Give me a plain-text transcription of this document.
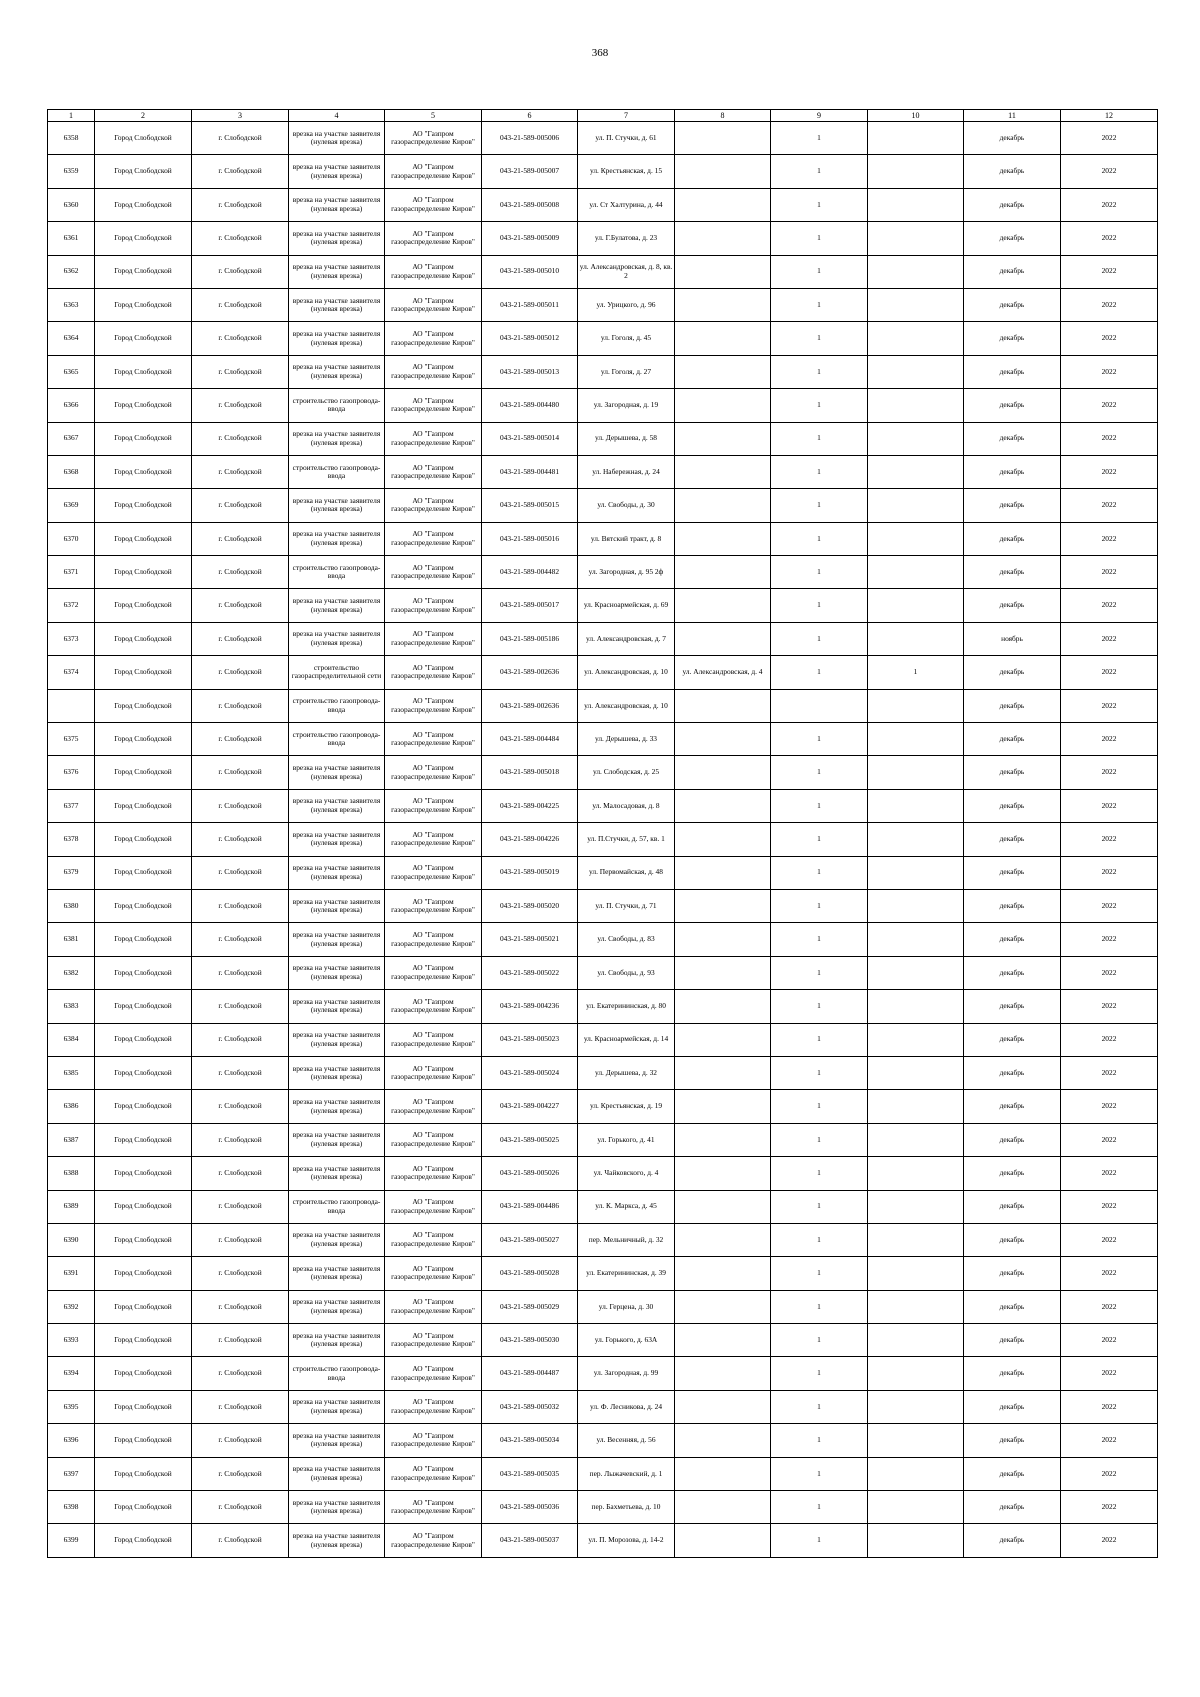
368
1	2	3	4	5	6	7	8	9	10	11	12
6358	Город Слободской	г. Слободской	врезка на участке заявителя (нулевая врезка)	АО "Газпром газораспределение Киров"	043-21-589-005006	ул. П. Стучки, д. 61		1		декабрь	2022
6359	Город Слободской	г. Слободской	врезка на участке заявителя (нулевая врезка)	АО "Газпром газораспределение Киров"	043-21-589-005007	ул. Крестьянская, д. 15		1		декабрь	2022
6360	Город Слободской	г. Слободской	врезка на участке заявителя (нулевая врезка)	АО "Газпром газораспределение Киров"	043-21-589-005008	ул. Ст Халтурина, д. 44		1		декабрь	2022
6361	Город Слободской	г. Слободской	врезка на участке заявителя (нулевая врезка)	АО "Газпром газораспределение Киров"	043-21-589-005009	ул. Г.Булатова, д. 23		1		декабрь	2022
6362	Город Слободской	г. Слободской	врезка на участке заявителя (нулевая врезка)	АО "Газпром газораспределение Киров"	043-21-589-005010	ул. Александровская, д. 8, кв. 2		1		декабрь	2022
6363	Город Слободской	г. Слободской	врезка на участке заявителя (нулевая врезка)	АО "Газпром газораспределение Киров"	043-21-589-005011	ул. Урицкого, д. 96		1		декабрь	2022
6364	Город Слободской	г. Слободской	врезка на участке заявителя (нулевая врезка)	АО "Газпром газораспределение Киров"	043-21-589-005012	ул. Гоголя, д. 45		1		декабрь	2022
6365	Город Слободской	г. Слободской	врезка на участке заявителя (нулевая врезка)	АО "Газпром газораспределение Киров"	043-21-589-005013	ул. Гоголя, д. 27		1		декабрь	2022
6366	Город Слободской	г. Слободской	строительство газопровода-ввода	АО "Газпром газораспределение Киров"	043-21-589-004480	ул. Загородная, д. 19		1		декабрь	2022
6367	Город Слободской	г. Слободской	врезка на участке заявителя (нулевая врезка)	АО "Газпром газораспределение Киров"	043-21-589-005014	ул. Дерышева, д. 58		1		декабрь	2022
6368	Город Слободской	г. Слободской	строительство газопровода-ввода	АО "Газпром газораспределение Киров"	043-21-589-004481	ул. Набережная, д. 24		1		декабрь	2022
6369	Город Слободской	г. Слободской	врезка на участке заявителя (нулевая врезка)	АО "Газпром газораспределение Киров"	043-21-589-005015	ул. Свободы, д. 30		1		декабрь	2022
6370	Город Слободской	г. Слободской	врезка на участке заявителя (нулевая врезка)	АО "Газпром газораспределение Киров"	043-21-589-005016	ул. Вятский тракт, д. 8		1		декабрь	2022
6371	Город Слободской	г. Слободской	строительство газопровода-ввода	АО "Газпром газораспределение Киров"	043-21-589-004482	ул. Загородная, д. 95 2ф		1		декабрь	2022
6372	Город Слободской	г. Слободской	врезка на участке заявителя (нулевая врезка)	АО "Газпром газораспределение Киров"	043-21-589-005017	ул. Красноармейская, д. 69		1		декабрь	2022
6373	Город Слободской	г. Слободской	врезка на участке заявителя (нулевая врезка)	АО "Газпром газораспределение Киров"	043-21-589-005186	ул. Александровская, д. 7		1		ноябрь	2022
6374	Город Слободской	г. Слободской	строительство газораспределительной сети	АО "Газпром газораспределение Киров"	043-21-589-002636	ул. Александровская, д. 10	ул. Александровская, д. 4	1	1	декабрь	2022
	Город Слободской	г. Слободской	строительство газопровода-ввода	АО "Газпром газораспределение Киров"	043-21-589-002636	ул. Александровская, д. 10				декабрь	2022
6375	Город Слободской	г. Слободской	строительство газопровода-ввода	АО "Газпром газораспределение Киров"	043-21-589-004484	ул. Дерышева, д. 33		1		декабрь	2022
6376	Город Слободской	г. Слободской	врезка на участке заявителя (нулевая врезка)	АО "Газпром газораспределение Киров"	043-21-589-005018	ул. Слободская, д. 25		1		декабрь	2022
6377	Город Слободской	г. Слободской	врезка на участке заявителя (нулевая врезка)	АО "Газпром газораспределение Киров"	043-21-589-004225	ул. Малосадовая, д. 8		1		декабрь	2022
6378	Город Слободской	г. Слободской	врезка на участке заявителя (нулевая врезка)	АО "Газпром газораспределение Киров"	043-21-589-004226	ул. П.Стучки, д. 57, кв. 1		1		декабрь	2022
6379	Город Слободской	г. Слободской	врезка на участке заявителя (нулевая врезка)	АО "Газпром газораспределение Киров"	043-21-589-005019	ул. Первомайская, д. 48		1		декабрь	2022
6380	Город Слободской	г. Слободской	врезка на участке заявителя (нулевая врезка)	АО "Газпром газораспределение Киров"	043-21-589-005020	ул. П. Стучки, д. 71		1		декабрь	2022
6381	Город Слободской	г. Слободской	врезка на участке заявителя (нулевая врезка)	АО "Газпром газораспределение Киров"	043-21-589-005021	ул. Свободы, д. 83		1		декабрь	2022
6382	Город Слободской	г. Слободской	врезка на участке заявителя (нулевая врезка)	АО "Газпром газораспределение Киров"	043-21-589-005022	ул. Свободы, д. 93		1		декабрь	2022
6383	Город Слободской	г. Слободской	врезка на участке заявителя (нулевая врезка)	АО "Газпром газораспределение Киров"	043-21-589-004236	ул. Екатерининская, д. 80		1		декабрь	2022
6384	Город Слободской	г. Слободской	врезка на участке заявителя (нулевая врезка)	АО "Газпром газораспределение Киров"	043-21-589-005023	ул. Красноармейская, д. 14		1		декабрь	2022
6385	Город Слободской	г. Слободской	врезка на участке заявителя (нулевая врезка)	АО "Газпром газораспределение Киров"	043-21-589-005024	ул. Дерышева, д. 32		1		декабрь	2022
6386	Город Слободской	г. Слободской	врезка на участке заявителя (нулевая врезка)	АО "Газпром газораспределение Киров"	043-21-589-004227	ул. Крестьянская, д. 19		1		декабрь	2022
6387	Город Слободской	г. Слободской	врезка на участке заявителя (нулевая врезка)	АО "Газпром газораспределение Киров"	043-21-589-005025	ул. Горького, д. 41		1		декабрь	2022
6388	Город Слободской	г. Слободской	врезка на участке заявителя (нулевая врезка)	АО "Газпром газораспределение Киров"	043-21-589-005026	ул. Чайковского, д. 4		1		декабрь	2022
6389	Город Слободской	г. Слободской	строительство газопровода-ввода	АО "Газпром газораспределение Киров"	043-21-589-004486	ул. К. Маркса, д. 45		1		декабрь	2022
6390	Город Слободской	г. Слободской	врезка на участке заявителя (нулевая врезка)	АО "Газпром газораспределение Киров"	043-21-589-005027	пер. Мельничный, д. 32		1		декабрь	2022
6391	Город Слободской	г. Слободской	врезка на участке заявителя (нулевая врезка)	АО "Газпром газораспределение Киров"	043-21-589-005028	ул. Екатерининская, д. 39		1		декабрь	2022
6392	Город Слободской	г. Слободской	врезка на участке заявителя (нулевая врезка)	АО "Газпром газораспределение Киров"	043-21-589-005029	ул. Герцена, д. 30		1		декабрь	2022
6393	Город Слободской	г. Слободской	врезка на участке заявителя (нулевая врезка)	АО "Газпром газораспределение Киров"	043-21-589-005030	ул. Горького, д. 63А		1		декабрь	2022
6394	Город Слободской	г. Слободской	строительство газопровода-ввода	АО "Газпром газораспределение Киров"	043-21-589-004487	ул. Загородная, д. 99		1		декабрь	2022
6395	Город Слободской	г. Слободской	врезка на участке заявителя (нулевая врезка)	АО "Газпром газораспределение Киров"	043-21-589-005032	ул. Ф. Лесникова, д. 24		1		декабрь	2022
6396	Город Слободской	г. Слободской	врезка на участке заявителя (нулевая врезка)	АО "Газпром газораспределение Киров"	043-21-589-005034	ул. Весенняя, д. 56		1		декабрь	2022
6397	Город Слободской	г. Слободской	врезка на участке заявителя (нулевая врезка)	АО "Газпром газораспределение Киров"	043-21-589-005035	пер. Лыжачевский, д. 1		1		декабрь	2022
6398	Город Слободской	г. Слободской	врезка на участке заявителя (нулевая врезка)	АО "Газпром газораспределение Киров"	043-21-589-005036	пер. Бахметьева, д. 10		1		декабрь	2022
6399	Город Слободской	г. Слободской	врезка на участке заявителя (нулевая врезка)	АО "Газпром газораспределение Киров"	043-21-589-005037	ул. П. Морозова, д. 14-2		1		декабрь	2022
